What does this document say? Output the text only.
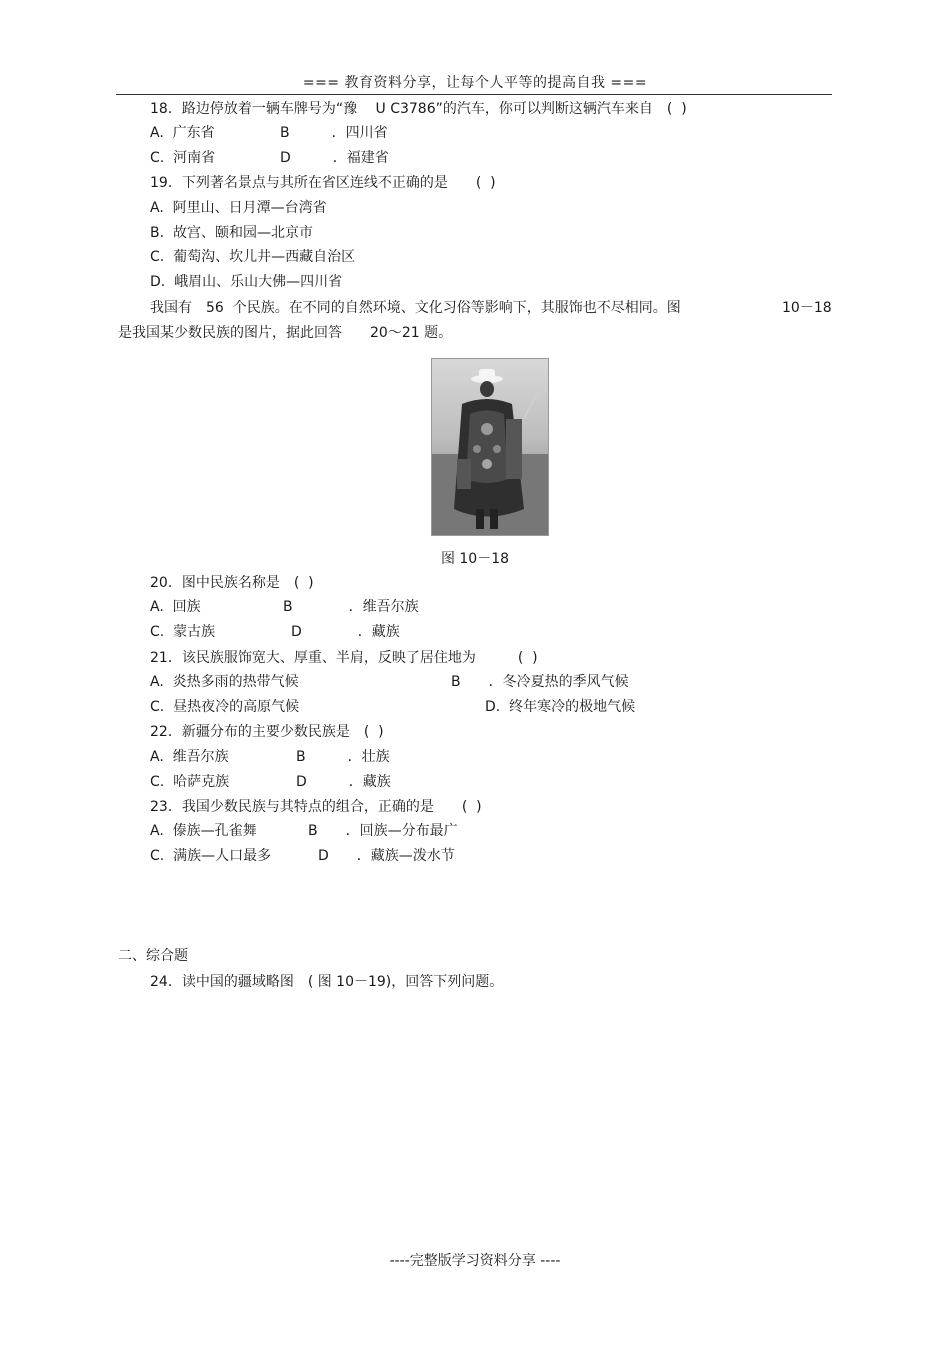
=== 教育资料分享，让每个人平等的提高自我 ===
18．路边停放着一辆车牌号为“豫　 U C3786”的汽车，你可以判断这辆汽车来自　(  )
A.  广东省	B　　　．四川省
C.  河南省	D　　　．福建省
19．下列著名景点与其所在省区连线不正确的是　　(  )
A.  阿里山、日月潭—台湾省
B.  故宫、颐和园—北京市
C.  葡萄沟、坎儿井—西藏自治区
D.  峨眉山、乐山大佛—四川省
我国有　56  个民族。在不同的自然环境、文化习俗等影响下，其服饰也不尽相同。图	10－18
是我国某少数民族的图片，据此回答　　20～21 题。
图 10－18
20．图中民族名称是　(  )
A.  回族	B　　　　．维吾尔族
C.  蒙古族	D　　　　．藏族
21．该民族服饰宽大、厚重、半肩，反映了居住地为　　　(  )
A.  炎热多雨的热带气候	B　　．冬冷夏热的季风气候
C.  昼热夜冷的高原气候	D.  终年寒冷的极地气候
22．新疆分布的主要少数民族是　(  )
A.  维吾尔族	B　　　．壮族
C.  哈萨克族	D　　　．藏族
23．我国少数民族与其特点的组合，正确的是　　(  )
A.  傣族—孔雀舞	B　　．回族—分布最广
C.  满族—人口最多	D　　．藏族—泼水节
二、综合题
24．读中国的疆域略图　( 图 10－19)，回答下列问题。
----完整版学习资料分享 ----
